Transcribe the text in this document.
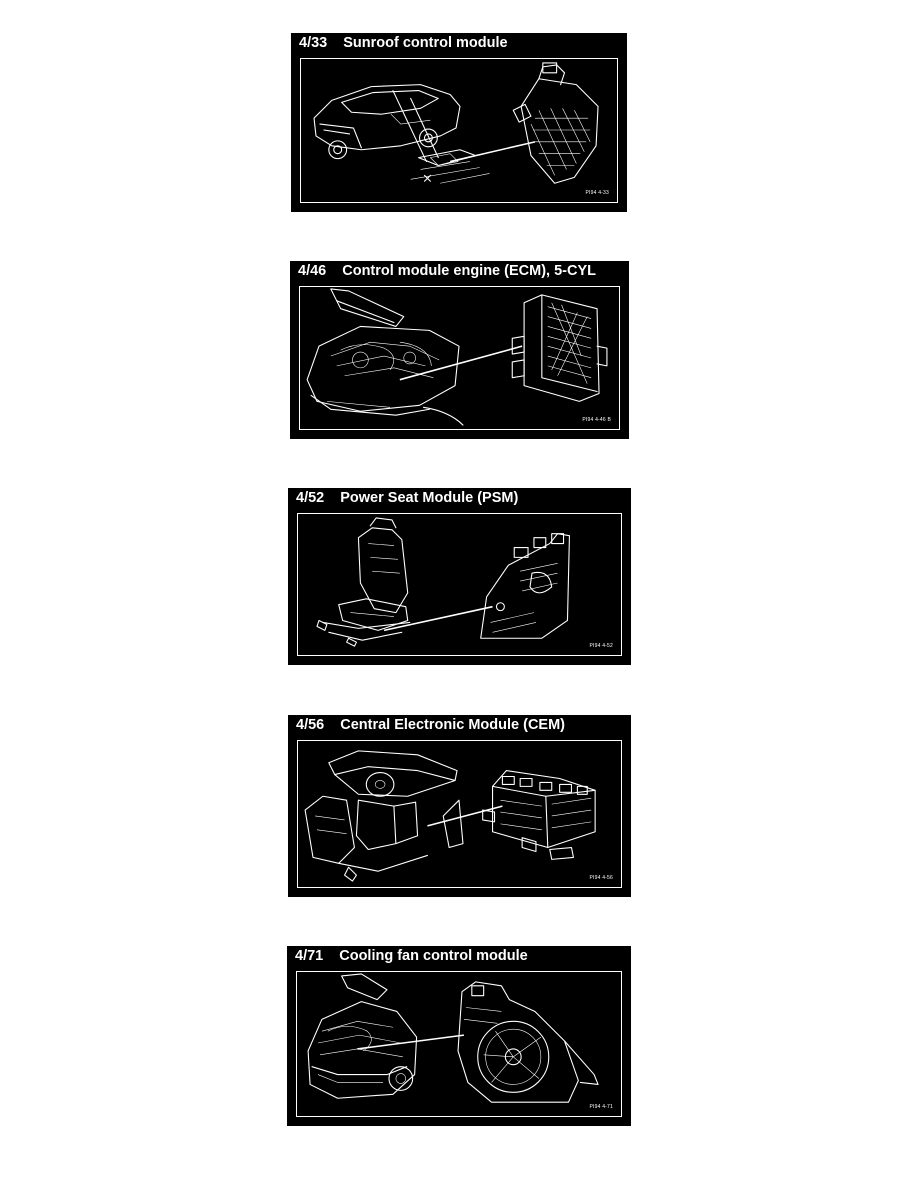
4/33 Sunroof control module
PI94 4-33
4/46 Control module engine (ECM), 5-CYL
PI94 4-46 B
4/52 Power Seat Module (PSM)
PI94 4-52
4/56 Central Electronic Module (CEM)
PI94 4-56
4/71 Cooling fan control module
PI94 4-71
